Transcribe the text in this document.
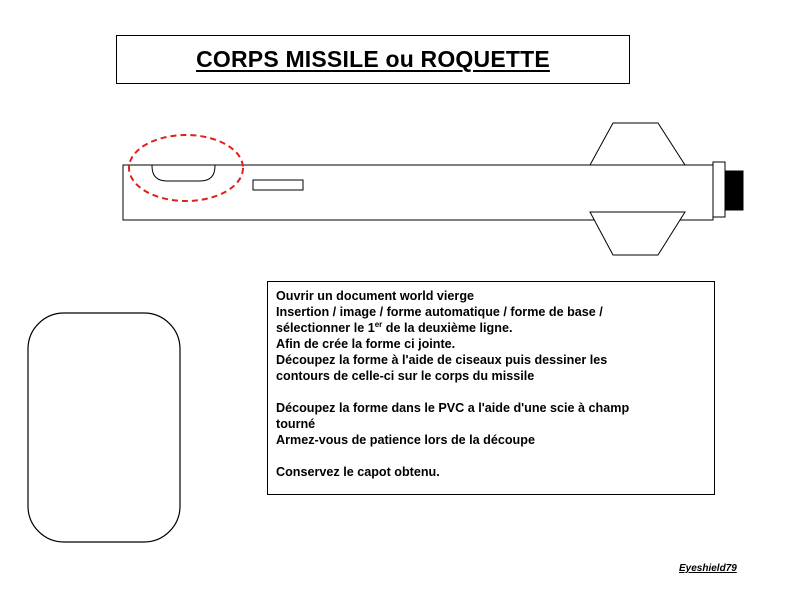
CORPS MISSILE ou ROQUETTE

Ouvrir un document world vierge

Insertion / image / forme automatique / forme de base /

sélectionner le 1er de la deuxième ligne.

Afin de crée la forme ci jointe.

Découpez la forme à l'aide de ciseaux puis dessiner les

contours de celle-ci sur le corps du missile

Découpez la forme dans le PVC a l'aide d'une scie à champ

tourné

Armez-vous de patience lors de la découpe

Conservez le capot obtenu.

Eyeshield79
